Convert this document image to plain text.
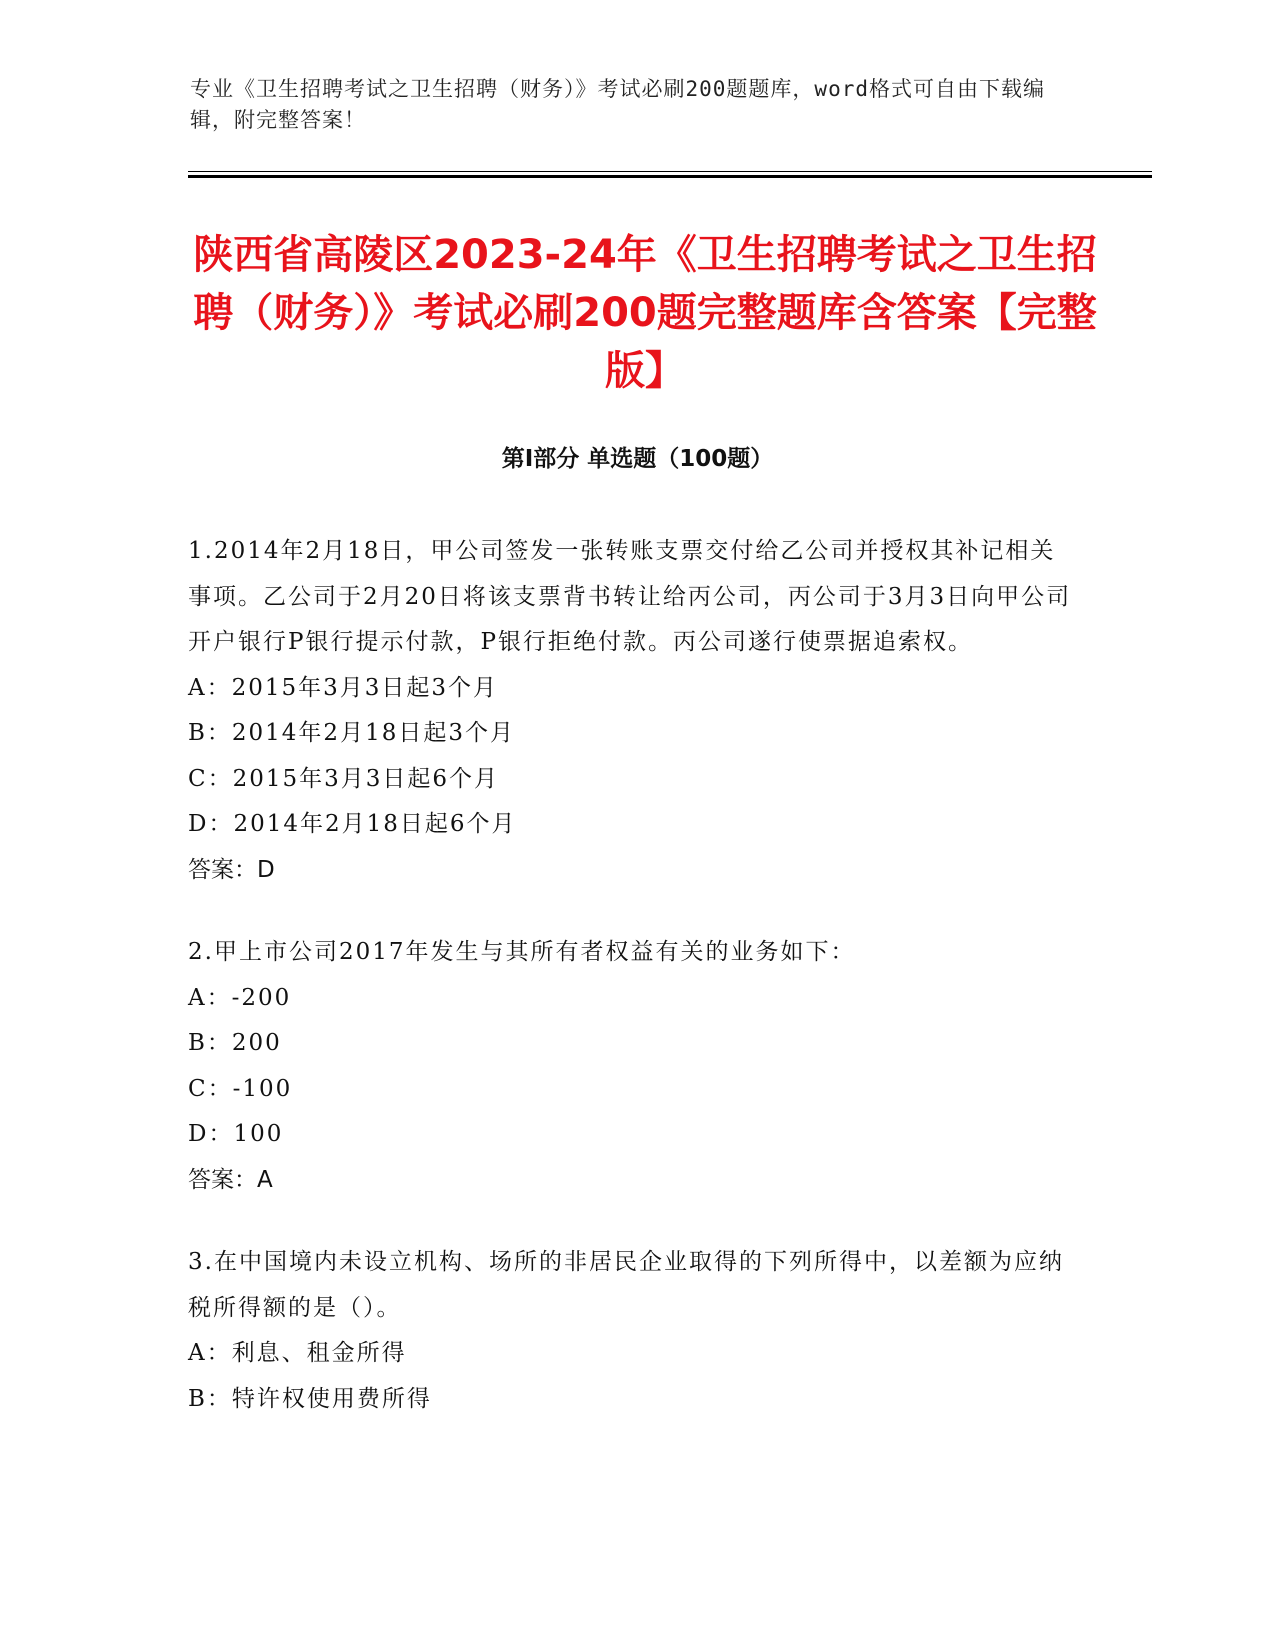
专业《卫生招聘考试之卫生招聘（财务）》考试必刷200题题库，word格式可自由下载编辑，附完整答案！
陕西省高陵区2023-24年《卫生招聘考试之卫生招聘（财务）》考试必刷200题完整题库含答案【完整版】
第Ⅰ部分 单选题（100题）

1.2014年2月18日，甲公司签发一张转账支票交付给乙公司并授权其补记相关事项。乙公司于2月20日将该支票背书转让给丙公司，丙公司于3月3日向甲公司开户银行P银行提示付款，P银行拒绝付款。丙公司遂行使票据追索权。

A：2015年3月3日起3个月

B：2014年2月18日起3个月

C：2015年3月3日起6个月

D：2014年2月18日起6个月

答案：D

2.甲上市公司2017年发生与其所有者权益有关的业务如下：

A：-200

B：200

C：-100

D：100

答案：A

3.在中国境内未设立机构、场所的非居民企业取得的下列所得中，以差额为应纳税所得额的是（）。

A：利息、租金所得

B：特许权使用费所得
